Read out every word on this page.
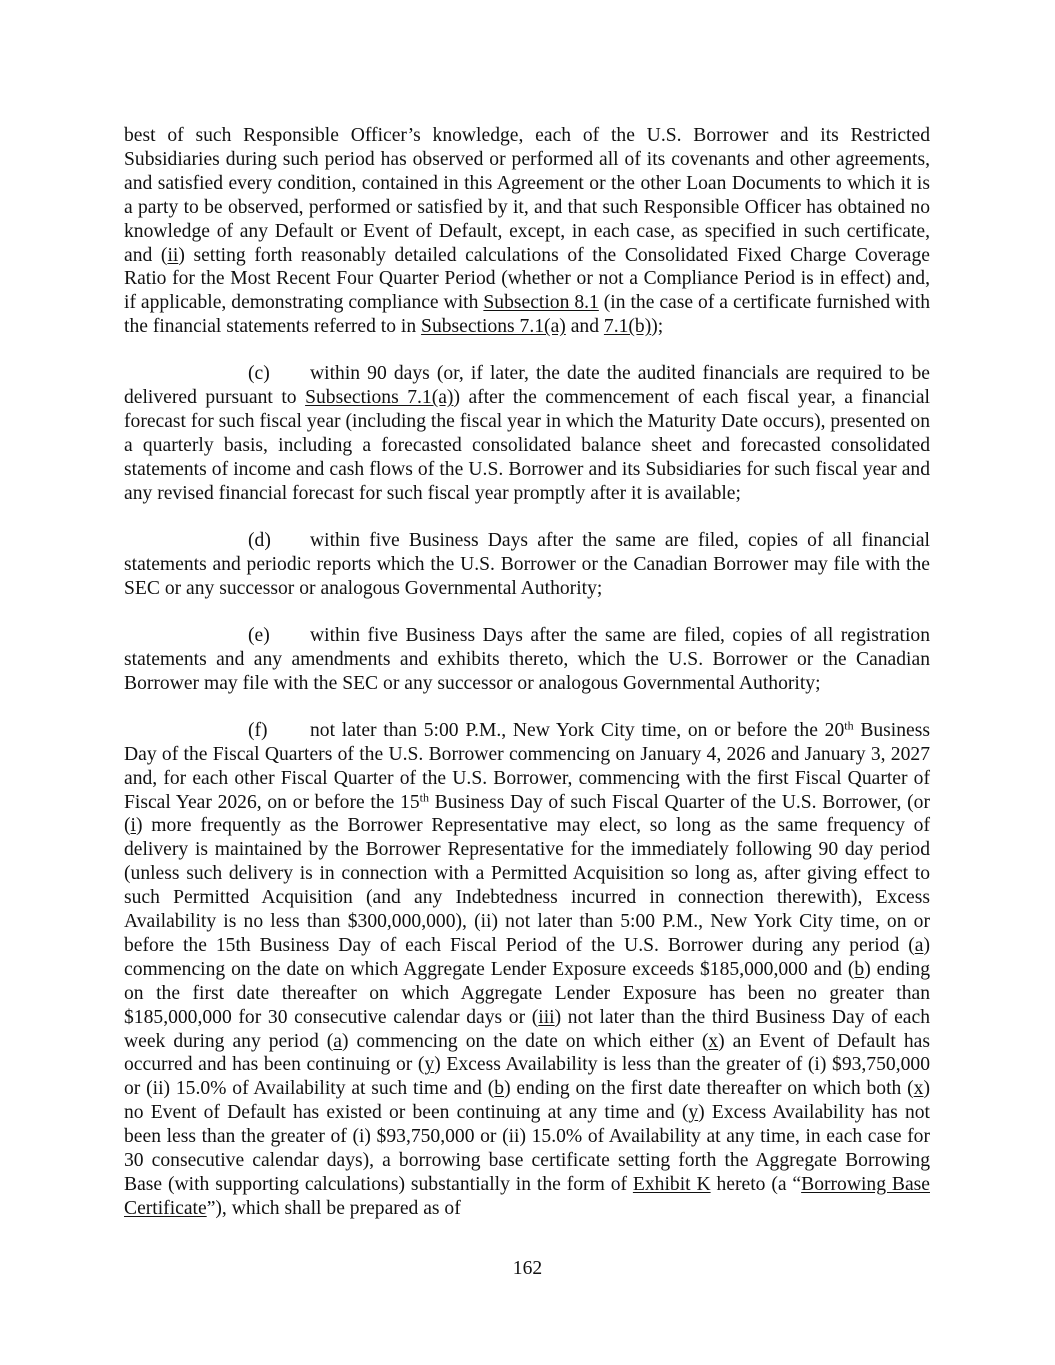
best of such Responsible Officer’s knowledge, each of the U.S. Borrower and its Restricted Subsidiaries during such period has observed or performed all of its covenants and other agreements, and satisfied every condition, contained in this Agreement or the other Loan Documents to which it is a party to be observed, performed or satisfied by it, and that such Responsible Officer has obtained no knowledge of any Default or Event of Default, except, in each case, as specified in such certificate, and (ii) setting forth reasonably detailed calculations of the Consolidated Fixed Charge Coverage Ratio for the Most Recent Four Quarter Period (whether or not a Compliance Period is in effect) and, if applicable, demonstrating compliance with Subsection 8.1 (in the case of a certificate furnished with the financial statements referred to in Subsections 7.1(a) and 7.1(b));

(c) within 90 days (or, if later, the date the audited financials are required to be delivered pursuant to Subsections 7.1(a)) after the commencement of each fiscal year, a financial forecast for such fiscal year (including the fiscal year in which the Maturity Date occurs), presented on a quarterly basis, including a forecasted consolidated balance sheet and forecasted consolidated statements of income and cash flows of the U.S. Borrower and its Subsidiaries for such fiscal year and any revised financial forecast for such fiscal year promptly after it is available;

(d) within five Business Days after the same are filed, copies of all financial statements and periodic reports which the U.S. Borrower or the Canadian Borrower may file with the SEC or any successor or analogous Governmental Authority;

(e) within five Business Days after the same are filed, copies of all registration statements and any amendments and exhibits thereto, which the U.S. Borrower or the Canadian Borrower may file with the SEC or any successor or analogous Governmental Authority;

(f) not later than 5:00 P.M., New York City time, on or before the 20th Business Day of the Fiscal Quarters of the U.S. Borrower commencing on January 4, 2026 and January 3, 2027 and, for each other Fiscal Quarter of the U.S. Borrower, commencing with the first Fiscal Quarter of Fiscal Year 2026, on or before the 15th Business Day of such Fiscal Quarter of the U.S. Borrower, (or (i) more frequently as the Borrower Representative may elect, so long as the same frequency of delivery is maintained by the Borrower Representative for the immediately following 90 day period (unless such delivery is in connection with a Permitted Acquisition so long as, after giving effect to such Permitted Acquisition (and any Indebtedness incurred in connection therewith), Excess Availability is no less than $300,000,000), (ii) not later than 5:00 P.M., New York City time, on or before the 15th Business Day of each Fiscal Period of the U.S. Borrower during any period (a) commencing on the date on which Aggregate Lender Exposure exceeds $185,000,000 and (b) ending on the first date thereafter on which Aggregate Lender Exposure has been no greater than $185,000,000 for 30 consecutive calendar days or (iii) not later than the third Business Day of each week during any period (a) commencing on the date on which either (x) an Event of Default has occurred and has been continuing or (y) Excess Availability is less than the greater of (i) $93,750,000 or (ii) 15.0% of Availability at such time and (b) ending on the first date thereafter on which both (x) no Event of Default has existed or been continuing at any time and (y) Excess Availability has not been less than the greater of (i) $93,750,000 or (ii) 15.0% of Availability at any time, in each case for 30 consecutive calendar days), a borrowing base certificate setting forth the Aggregate Borrowing Base (with supporting calculations) substantially in the form of Exhibit K hereto (a “Borrowing Base Certificate”), which shall be prepared as of

162
